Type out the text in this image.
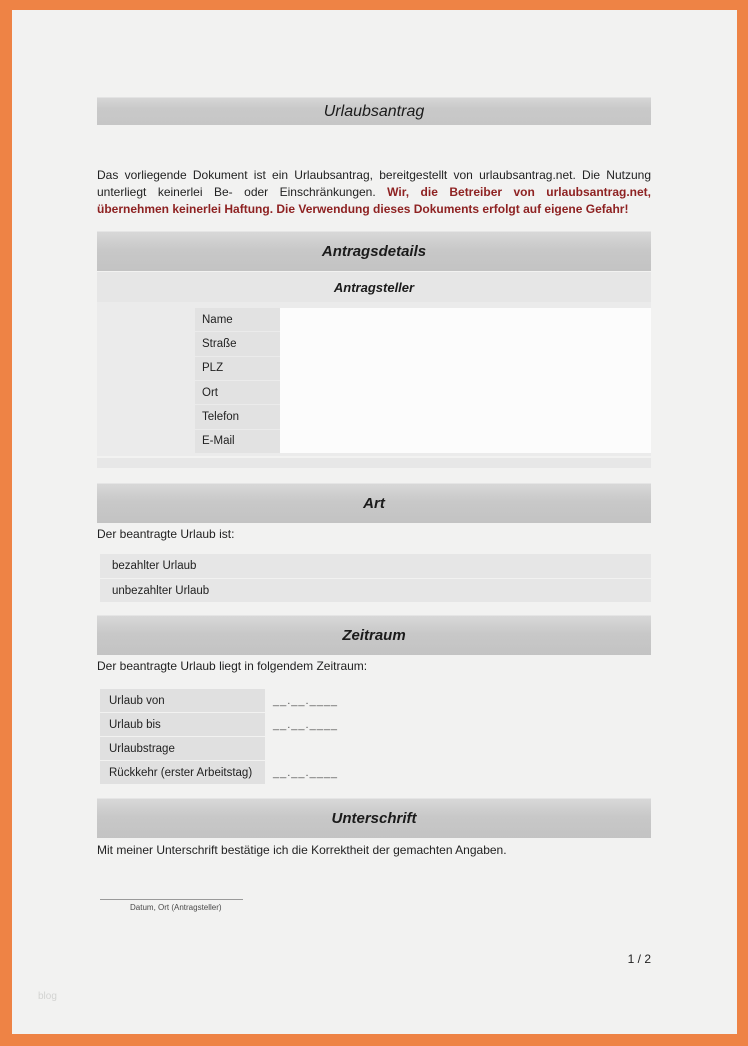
Urlaubsantrag

Das vorliegende Dokument ist ein Urlaubsantrag, bereitgestellt von urlaubsantrag.net. Die Nutzung unterliegt keinerlei Be- oder Einschränkungen. Wir, die Betreiber von urlaubsantrag.net, übernehmen keinerlei Haftung. Die Verwendung dieses Dokuments erfolgt auf eigene Gefahr!

Antragsdetails
Antragsteller
Name
Straße
PLZ
Ort
Telefon
E-Mail
Art
Der beantragte Urlaub ist:
bezahlter Urlaub
unbezahlter Urlaub
Zeitraum
Der beantragte Urlaub liegt in folgendem Zeitraum:
Urlaub von	__.__.____
Urlaub bis	__.__.____
Urlaubstrage
Rückkehr (erster Arbeitstag)	__.__.____
Unterschrift
Mit meiner Unterschrift bestätige ich die Korrektheit der gemachten Angaben.
Datum, Ort (Antragsteller)
1 / 2
blog
